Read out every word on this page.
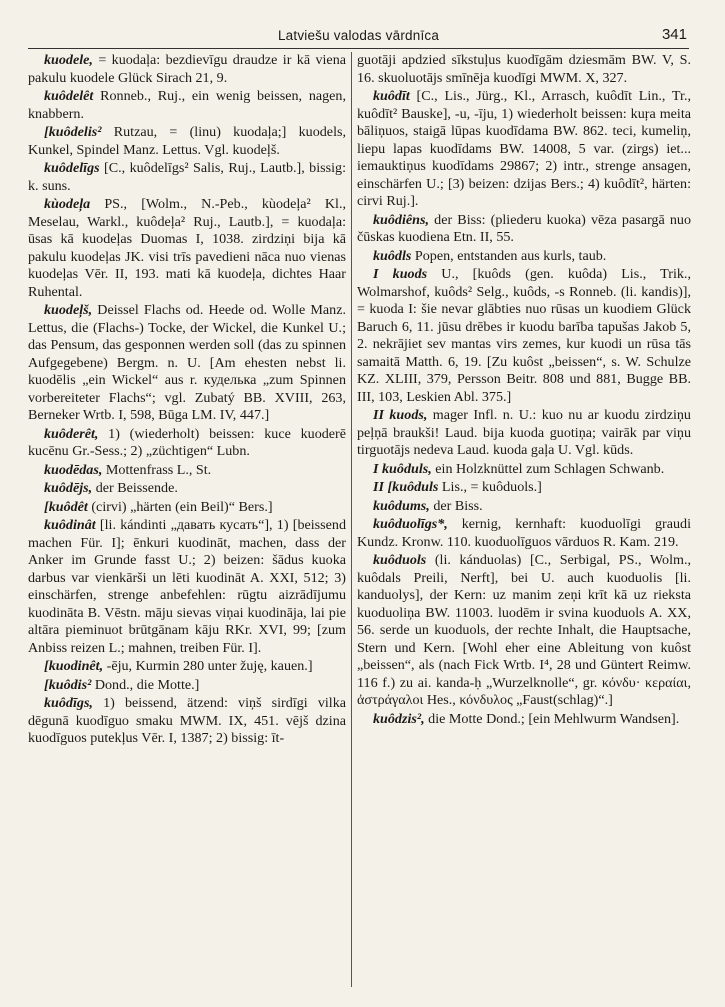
Latviešu valodas vārdnīca	341
kuodele, = kuodaļa: bezdievīgu draudze ir kā viena pakulu kuodele Glück Sirach 21, 9.
kuôdelêt Ronneb., Ruj., ein wenig beissen, nagen, knabbern.
[kuôdelis² Rutzau, = (linu) kuodaļa;] kuodels, Kunkel, Spindel Manz. Lettus. Vgl. kuodeļš.
kuôdelīgs [C., kuôdelīgs² Salis, Ruj., Lautb.], bissig: k. suns.
kùodeļa PS., [Wolm., N.-Peb., kùodeļa² Kl., Meselau, Warkl., kuôdeļa² Ruj., Lautb.], = kuodaļa: ūsas kā kuodeļas Duomas I, 1038. zirdziņi bija kā pakulu kuodeļas JK. visi trīs pavedieni nāca nuo vienas kuodeļas Vēr. II, 193. mati kā kuodeļa, dichtes Haar Ruhental.
kuodeļš, Deissel Flachs od. Heede od. Wolle Manz. Lettus, die (Flachs-) Tocke, der Wickel, die Kunkel U.; das Pensum, das gesponnen werden soll (das zu spinnen Aufgegebene) Bergm. n. U. [Am ehesten nebst li. kuodēlis „ein Wickel“ aus r. куделька „zum Spinnen vorbereiteter Flachs“; vgl. Zubatý BB. XVIII, 263, Berneker Wrtb. I, 598, Būga LM. IV, 447.]
kuôderêt, 1) (wiederholt) beissen: kuce kuoderē kucēnu Gr.-Sess.; 2) „züchtigen“ Lubn.
kuodēdas, Mottenfrass L., St.
kuôdējs, der Beissende.
[kuôdêt (cirvi) „härten (ein Beil)“ Bers.]
kuôdinât [li. kándinti „давать кусать“], 1) [beissend machen Für. I]; ēnkuri kuodināt, machen, dass der Anker im Grunde fasst U.; 2) beizen: šādus kuoka darbus var vienkārši un lēti kuodināt A. XXI, 512; 3) einschärfen, strenge anbefehlen: rūgtu aizrādījumu kuodināta B. Vēstn. māju sievas viņai kuodināja, lai pie altāra pieminuot brūtgānam kāju RKr. XVI, 99; [zum Anbiss reizen L.; mahnen, treiben Für. I].
[kuodinêt, -ēju, Kurmin 280 unter žuję, kauen.]
[kuôdis² Dond., die Motte.]
kuôdīgs, 1) beissend, ätzend: viņš sirdīgi vilka dēgunā kuodīguo smaku MWM. IX, 451. vējš dzina kuodīguos putekļus Vēr. I, 1387; 2) bissig: īt-
guotāji apdzied sīkstuļus kuodīgām dziesmām BW. V, S. 16. skuoluotājs smīnēja kuodīgi MWM. X, 327.
kuôdīt [C., Lis., Jürg., Kl., Arrasch, kuôdīt Lin., Tr., kuôdīt² Bauske], -u, -īju, 1) wiederholt beissen: kuŗa meita bāliņuos, staigā lūpas kuodīdama BW. 862. teci, kumeliņ, liepu lapas kuodīdams BW. 14008, 5 var. (zirgs) iet... iemauktiņus kuodīdams 29867; 2) intr., strenge ansagen, einschärfen U.; [3) beizen: dzijas Bers.; 4) kuôdīt², härten: cirvi Ruj.].
kuôdiêns, der Biss: (pliederu kuoka) vēza pasargā nuo čūskas kuodiena Etn. II, 55.
kuôdls Popen, entstanden aus kurls, taub.
I kuods U., [kuôds (gen. kuôda) Lis., Trik., Wolmarshof, kuôds² Selg., kuôds, -s Ronneb. (li. kandis)], = kuoda I: šie nevar glābties nuo rūsas un kuodiem Glück Baruch 6, 11. jūsu drēbes ir kuodu barība tapušas Jakob 5, 2. nekrājiet sev mantas virs zemes, kur kuodi un rūsa tās samaitā Matth. 6, 19. [Zu kuôst „beissen“, s. W. Schulze KZ. XLIII, 379, Persson Beitr. 808 und 881, Bugge BB. III, 103, Leskien Abl. 375.]
II kuods, mager Infl. n. U.: kuo nu ar kuodu zirdziņu peļņā braukši! Laud. bija kuoda guotiņa; vairāk par viņu tirguotājs nedeva Laud. kuoda gaļa U. Vgl. kūds.
I kuôduls, ein Holzknüttel zum Schlagen Schwanb.
II [kuôduls Lis., = kuôduols.]
kuôdums, der Biss.
kuôduolīgs*, kernig, kernhaft: kuoduolīgi graudi Kundz. Kronw. 110. kuoduolīguos vārduos R. Kam. 219.
kuôduols (li. kánduolas) [C., Serbigal, PS., Wolm., kuôdals Preili, Nerft], bei U. auch kuoduolis [li. kanduolys], der Kern: uz manim zeņi krīt kā uz riekstа kuoduoliņa BW. 11003. luodēm ir svina kuoduols A. XX, 56. serde un kuoduols, der rechte Inhalt, die Hauptsache, Stern und Kern. [Wohl eher eine Ableitung von kuôst „beissen“, als (nach Fick Wrtb. I⁴, 28 und Güntert Reimw. 116 f.) zu ai. kanda-ḥ „Wurzelknolle“, gr. κόνδυ· κεραίαι, ἀστράγαλοι Hes., κόνδυλος „Faust(schlag)“.]
kuôdzis², die Motte Dond.; [ein Mehlwurm Wandsen].
